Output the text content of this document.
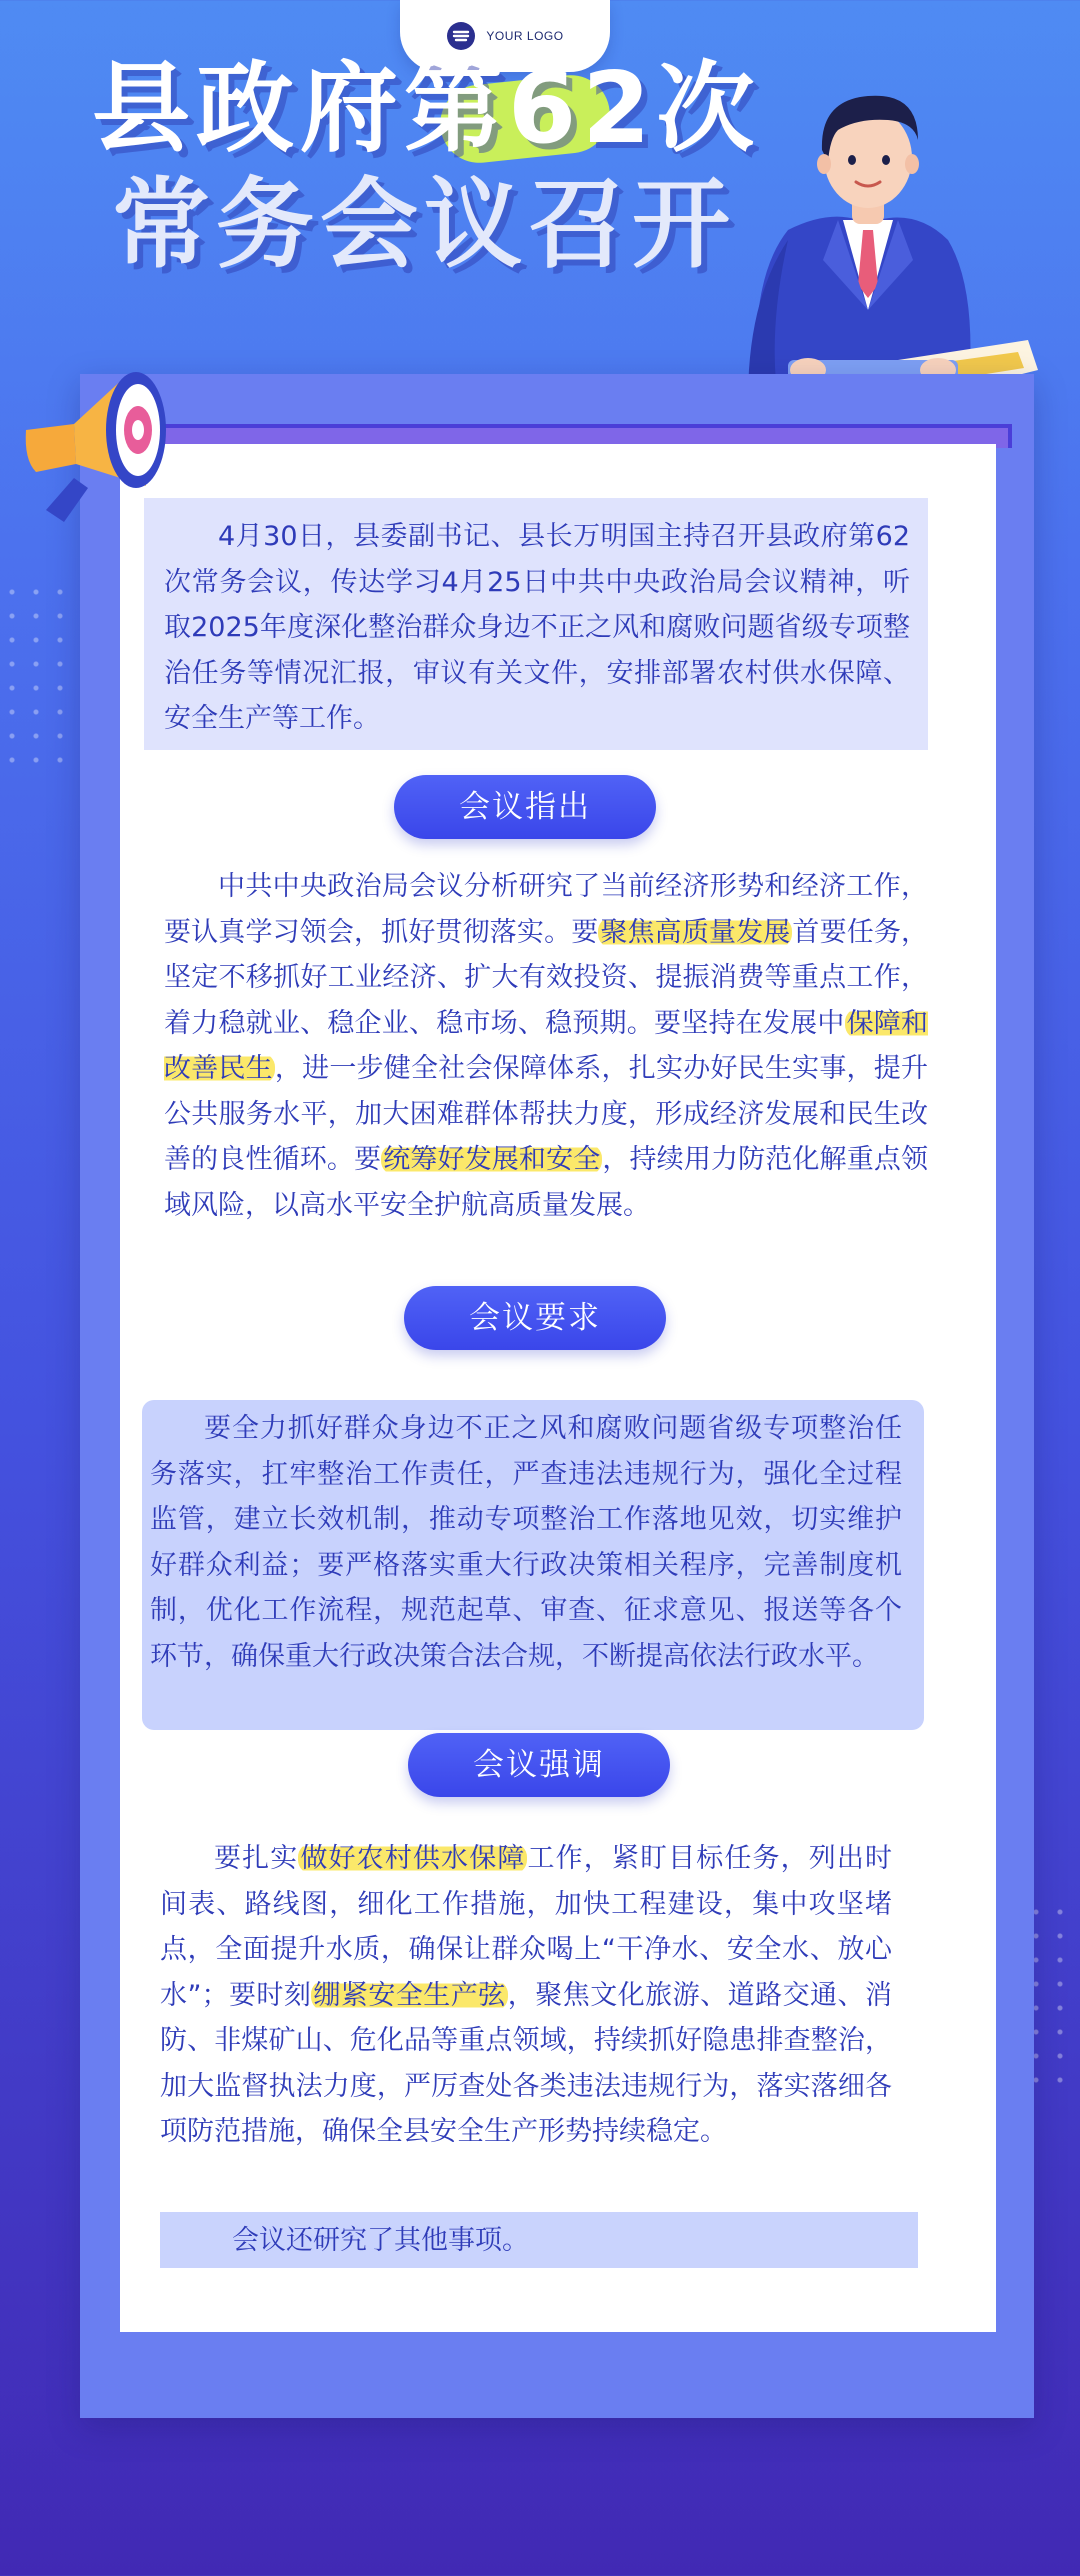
YOUR LOGO
县政府第62次
常务会议召开

4月30日，县委副书记、县长万明国主持召开县政府第62次常务会议，传达学习4月25日中共中央政治局会议精神，听取2025年度深化整治群众身边不正之风和腐败问题省级专项整治任务等情况汇报，审议有关文件，安排部署农村供水保障、安全生产等工作。

会议指出

中共中央政治局会议分析研究了当前经济形势和经济工作，要认真学习领会，抓好贯彻落实。要聚焦高质量发展首要任务，坚定不移抓好工业经济、扩大有效投资、提振消费等重点工作，着力稳就业、稳企业、稳市场、稳预期。要坚持在发展中保障和改善民生，进一步健全社会保障体系，扎实办好民生实事，提升公共服务水平，加大困难群体帮扶力度，形成经济发展和民生改善的良性循环。要统筹好发展和安全，持续用力防范化解重点领域风险，以高水平安全护航高质量发展。

会议要求

要全力抓好群众身边不正之风和腐败问题省级专项整治任务落实，扛牢整治工作责任，严查违法违规行为，强化全过程监管，建立长效机制，推动专项整治工作落地见效，切实维护好群众利益；要严格落实重大行政决策相关程序，完善制度机制，优化工作流程，规范起草、审查、征求意见、报送等各个环节，确保重大行政决策合法合规，不断提高依法行政水平。

会议强调

要扎实做好农村供水保障工作，紧盯目标任务，列出时间表、路线图，细化工作措施，加快工程建设，集中攻坚堵点，全面提升水质，确保让群众喝上“干净水、安全水、放心水”；要时刻绷紧安全生产弦，聚焦文化旅游、道路交通、消防、非煤矿山、危化品等重点领域，持续抓好隐患排查整治，加大监督执法力度，严厉查处各类违法违规行为，落实落细各项防范措施，确保全县安全生产形势持续稳定。

会议还研究了其他事项。
